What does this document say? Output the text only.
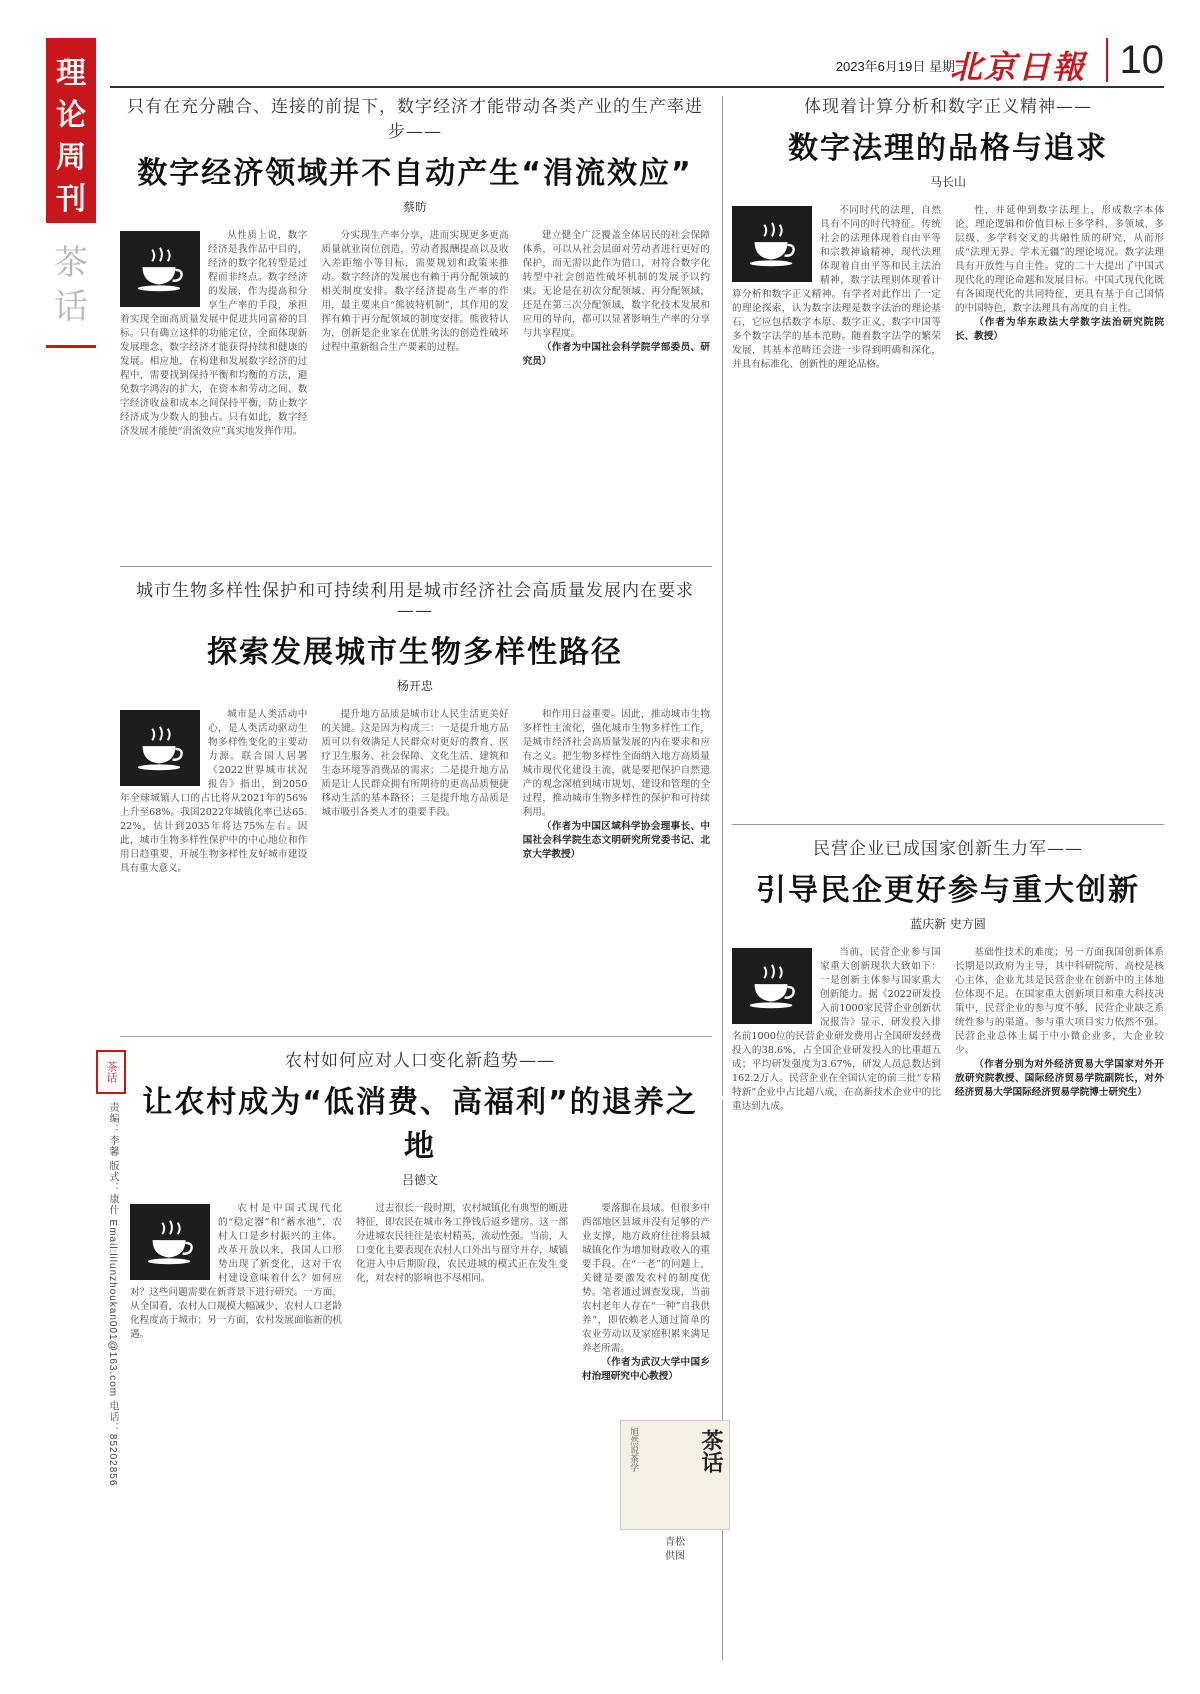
理
论
周
刊
茶
话
2023年6月19日 星期一
北京日報 10
只有在充分融合、连接的前提下，数字经济才能带动各类产业的生产率进步——
数字经济领域并不自动产生“涓流效应”
蔡昉

从性质上说，数字经济是我作品中目的，经济的数字化转型是过程而非终点。数字经济的发展，作为提高和分享生产率的手段，承担着实现全面高质量发展中促进共同富裕的目标。只有确立这样的功能定位，全面体现新发展理念，数字经济才能获得持续和健康的发展。相应地，在构建和发展数字经济的过程中，需要找到保持平衡和均衡的方法，避免数字鸿沟的扩大，在资本和劳动之间、数字经济收益和成本之间保持平衡，防止数字经济成为少数人的独占。只有如此，数字经济发展才能使“涓流效应”真实地发挥作用。

分实现生产率分享，进而实现更多更高质量就业岗位创造，劳动者报酬提高以及收入差距缩小等目标，需要规划和政策来推动。数字经济的发展也有赖于再分配领域的相关制度安排。数字经济提高生产率的作用，最主要来自“熊彼特机制”，其作用的发挥有赖于再分配领域的制度安排。熊彼特认为，创新是企业家在优胜劣汰的创造性破坏过程中重新组合生产要素的过程。

建立健全广泛覆盖全体居民的社会保障体系，可以从社会层面对劳动者进行更好的保护，而无需以此作为借口，对符合数字化转型中社会创造性破坏机制的发展予以约束。无论是在初次分配领域、再分配领域，还是在第三次分配领域，数字化技术发展和应用的导向，都可以显著影响生产率的分享与共享程度。

（作者为中国社会科学院学部委员、研究员）

体现着计算分析和数字正义精神——
数字法理的品格与追求
马长山

不同时代的法理，自然具有不同的时代特征。传统社会的法理体现着自由平等和宗教神谕精神，现代法理体现着自由平等和民主法治精神，数字法理则体现着计算分析和数字正义精神。有学者对此作出了一定的理论探索，认为数字法理是数字法治的理论基石，它应包括数字本原、数字正义、数字中国等多个数字法学的基本范畴。随着数字法学的繁荣发展，其基本范畴还会进一步得到明确和深化，并具有标准化、创新性的理论品格。

性，并延伸到数字法理上，形成数字本体论、理论逻辑和价值目标上多学科、多领域、多层级、多学科交叉的共融性质的研究，从而形成“法理无界、学术无疆”的理论境况。数字法理具有开放性与自主性。党的二十大提出了中国式现代化的理论命题和发展目标。中国式现代化既有各国现代化的共同特征，更具有基于自己国情的中国特色，数字法理具有高度的自主性。

（作者为华东政法大学数字法治研究院院长、教授）

城市生物多样性保护和可持续利用是城市经济社会高质量发展内在要求——
探索发展城市生物多样性路径
杨开忠

城市是人类活动中心，是人类活动驱动生物多样性变化的主要动力源。联合国人居署《2022世界城市状况报告》指出，到2050年全球城镇人口的占比将从2021年的56%上升至68%。我国2022年城镇化率已达65.22%，估计到2035年将达75%左右。因此，城市生物多样性保护中的中心地位和作用日趋重要，开展生物多样性友好城市建设具有重大意义。

提升地方品质是城市让人民生活更美好的关键。这是因为构成三：一是提升地方品质可以有效满足人民群众对更好的教育、医疗卫生服务、社会保障、文化生活、建筑和生态环境等消费品的需求；二是提升地方品质是让人民群众拥有所期待的更高品质便捷移动生活的基本路径；三是提升地方品质是城市吸引各类人才的重要手段。

和作用日益重要。因此，推动城市生物多样性主流化，强化城市生物多样性工作，是城市经济社会高质量发展的内在要求和应有之义。把生物多样性全面纳入地方高质量城市现代化建设主流，就是要把保护自然遗产的观念深植到城市规划、建设和管理的全过程，推动城市生物多样性的保护和可持续利用。

（作者为中国区域科学协会理事长、中国社会科学院生态文明研究所党委书记、北京大学教授）	民营企业已成国家创新生力军——
引导民企更好参与重大创新
蓝庆新 史方圆

当前，民营企业参与国家重大创新现状大致如下：一是创新主体参与国家重大创新能力。据《2022研发投入前1000家民营企业创新状况报告》显示，研发投入排名前1000位的民营企业研发费用占全国研发经费投入的38.6%，占全国企业研发投入的比重超五成；平均研发强度为3.67%，研发人员总数达到162.2万人。民营企业在全国认定的前三批“专精特新”企业中占比超八成，在高新技术企业中的比重达到九成。

基础性技术的难度；另一方面我国创新体系长期是以政府为主导，其中科研院所、高校是核心主体，企业尤其是民营企业在创新中的主体地位体现不足。在国家重大创新项目和重大科技决策中，民营企业的参与度不够，民营企业缺乏系统性参与的渠道。参与重大项目实力依然不强。民营企业总体上属于中小微企业多，大企业较少。

（作者分别为对外经济贸易大学国家对外开放研究院教授、国际经济贸易学院副院长，对外经济贸易大学国际经济贸易学院博士研究生）

茶话
责编：李馨 版式：康什 Email:lilunzhoukan001@163.com 电话：85202856
农村如何应对人口变化新趋势——
让农村成为“低消费、高福利”的退养之地
吕德文

农村是中国式现代化的“稳定器”和“蓄水池”，农村人口是乡村振兴的主体。改革开放以来，我国人口形势出现了新变化，这对于农村建设意味着什么？如何应对？这些问题需要在新背景下进行研究。一方面，从全国看，农村人口规模大幅减少，农村人口老龄化程度高于城市；另一方面，农村发展面临新的机遇。

过去很长一段时期，农村城镇化有典型的断进特征，即农民在城市务工挣钱后返乡建房。这一部分进城农民往往是农村精英，流动性强。当前，人口变化主要表现在农村人口外出与留守并存，城镇化进入中后期阶段，农民进城的模式正在发生变化，对农村的影响也不尽相同。

要落脚在县域。但很多中西部地区县域并没有足够的产业支撑，地方政府往往将县城城镇化作为增加财政收入的重要手段。在“一老”的问题上，关键是要激发农村的制度优势。笔者通过调查发现，当前农村老年人存在“一种”自我供养”，即依赖老人通过简单的农业劳动以及家庭积累来满足养老所需。

（作者为武汉大学中国乡村治理研究中心教授）

旭然说茶学	茶话
青松
供图
